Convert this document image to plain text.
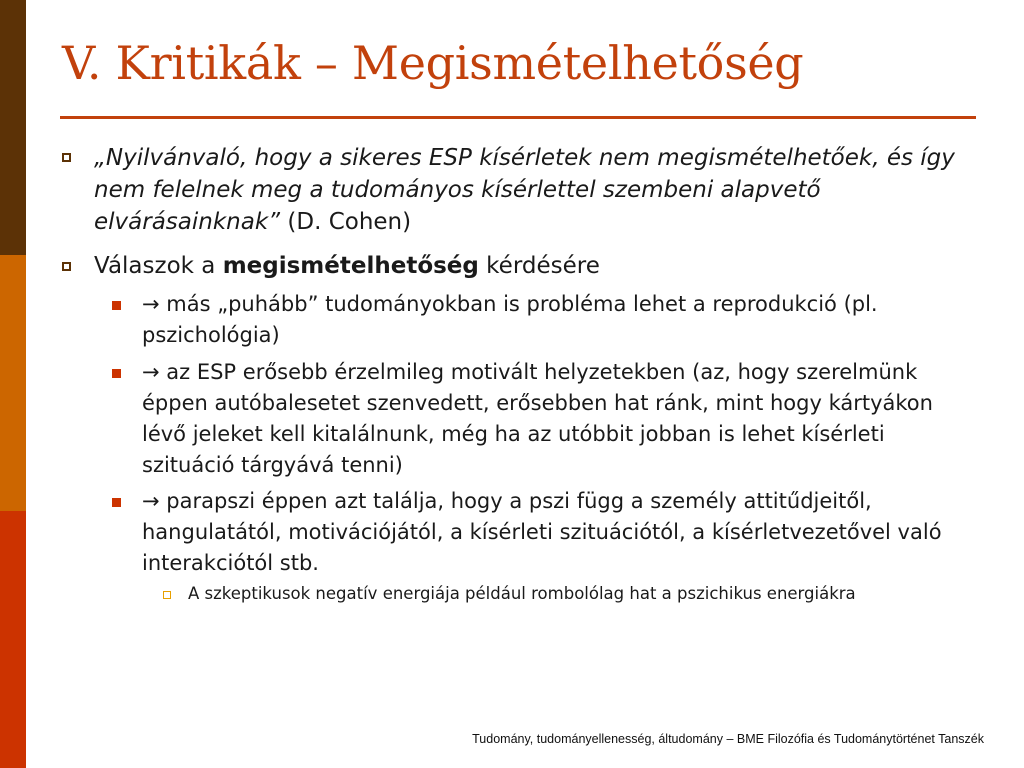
V. Kritikák – Megismételhetőség

„Nyilvánvaló, hogy a sikeres ESP kísérletek nem megismételhetőek, és így nem felelnek meg a tudományos kísérlettel szembeni alapvető elvárásainknak” (D. Cohen)

Válaszok a megismételhetőség kérdésére

→ más „puhább” tudományokban is probléma lehet a reprodukció (pl. pszichológia)

→ az ESP erősebb érzelmileg motivált helyzetekben (az, hogy szerelmünk éppen autóbalesetet szenvedett, erősebben hat ránk, mint hogy kártyákon lévő jeleket kell kitalálnunk, még ha az utóbbit jobban is lehet kísérleti szituáció tárgyává tenni)

→ parapszi éppen azt találja, hogy a pszi függ a személy attitűdjeitől, hangulatától, motivációjától, a kísérleti szituációtól, a kísérletvezetővel való interakciótól stb.

A szkeptikusok negatív energiája például rombolólag hat a pszichikus energiákra

Tudomány, tudományellenesség, áltudomány – BME Filozófia és Tudománytörténet Tanszék
